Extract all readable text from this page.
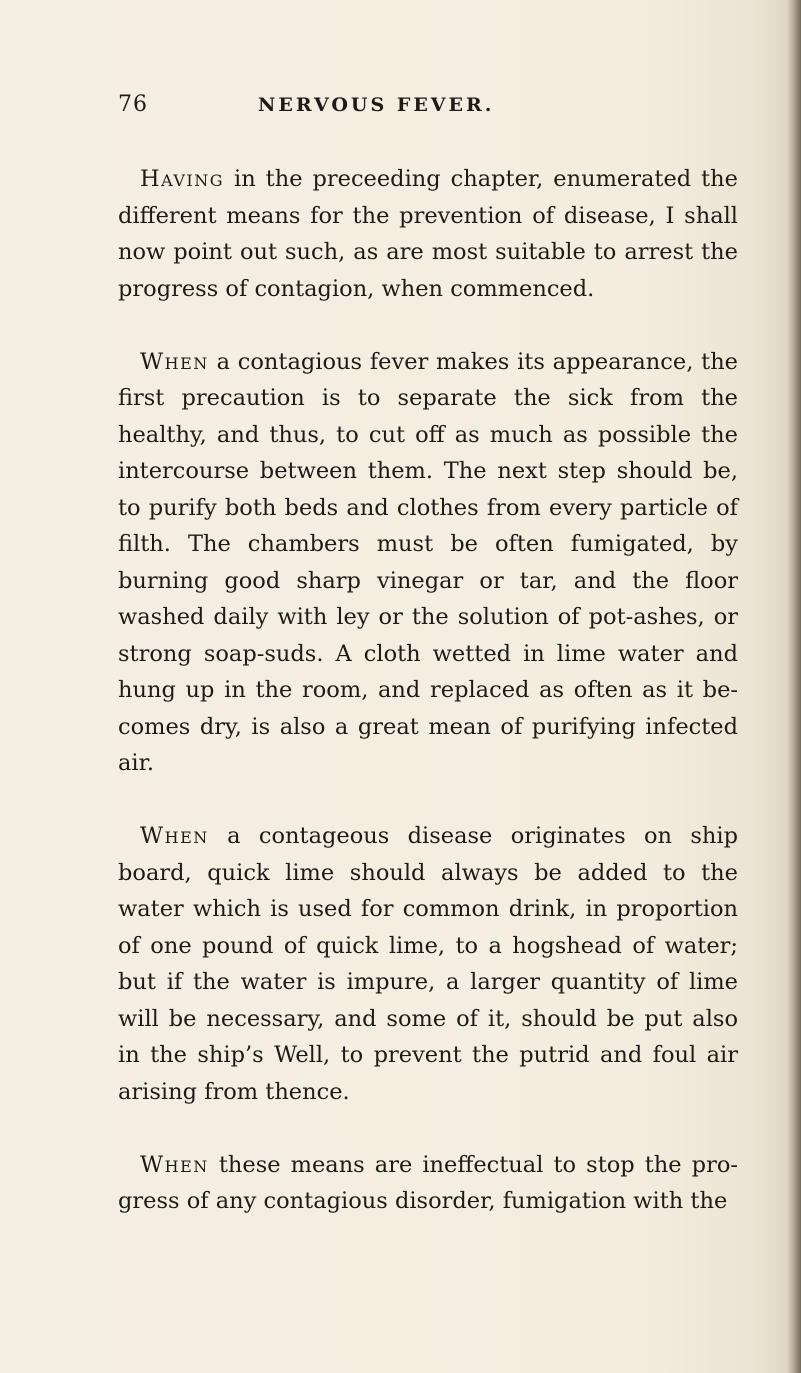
76	NERVOUS FEVER.

Having in the preceeding chapter, enumerated the different means for the prevention of disease, I shall now point out such, as are most suitable to arrest the progress of contagion, when commenced.

When a contagious fever makes its appearance, the first precaution is to separate the sick from the healthy, and thus, to cut off as much as possible the intercourse between them. The next step should be, to purify both beds and clothes from every particle of filth. The chambers must be often fumigated, by burning good sharp vinegar or tar, and the floor washed daily with ley or the solution of pot-ashes, or strong soap-suds. A cloth wetted in lime water and hung up in the room, and replaced as often as it be-comes dry, is also a great mean of purifying infected air.

When a contageous disease originates on ship board, quick lime should always be added to the water which is used for common drink, in proportion of one pound of quick lime, to a hogshead of water; but if the water is impure, a larger quantity of lime will be necessary, and some of it, should be put also in the ship’s Well, to prevent the putrid and foul air arising from thence.

When these means are ineffectual to stop the pro-gress of any contagious disorder, fumigation with the
